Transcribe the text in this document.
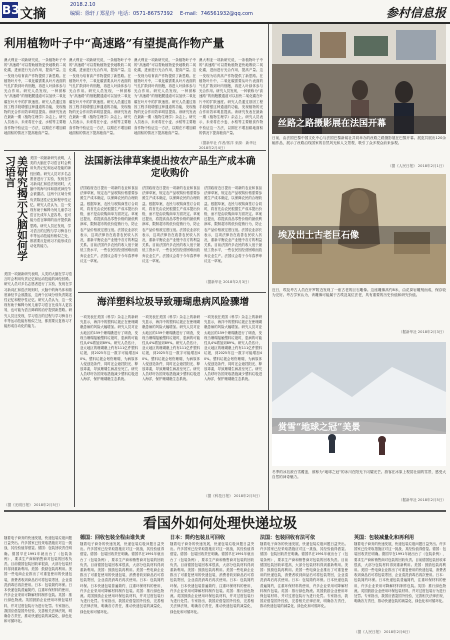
B3 文摘
2018.2.10
编辑：徐轩 / 郑星玲 电话：0571-86757392 E-mail：746561932@qq.com	参村信息报
利用植物叶子中“高速路”有望提高作物产量
澳大利亚一项新研究说，一条植物叶子中的“高速路”可以帮助植物更快地吸收二氧化碳，进而进行光合作用，提高产量。这一发现为培育高产作物提供了新思路。在植物叶片中，二氧化碳需要从叶片表面的气孔扩散到叶肉细胞，再进入叶绿体参与光合作用。研究人员发现，一种被称为“高速路”的细胞膜通道可以加快二氧化碳在叶片中的扩散速度。研究人员通过基因工程手段增强这种通道的功能，发现植物的光合作用效率明显提高。该研究发表在最新一期《植物生理学》杂志上。研究人员表示，未来将在小麦、水稻等主要粮食作物中验证这一方法，以期在不增加耕地面积的情况下提高粮食产量。
澳大利亚一项新研究说，一条植物叶子中的“高速路”可以帮助植物更快地吸收二氧化碳，进而进行光合作用，提高产量。这一发现为培育高产作物提供了新思路。在植物叶片中，二氧化碳需要从叶片表面的气孔扩散到叶肉细胞，再进入叶绿体参与光合作用。研究人员发现，一种被称为“高速路”的细胞膜通道可以加快二氧化碳在叶片中的扩散速度。研究人员通过基因工程手段增强这种通道的功能，发现植物的光合作用效率明显提高。该研究发表在最新一期《植物生理学》杂志上。研究人员表示，未来将在小麦、水稻等主要粮食作物中验证这一方法，以期在不增加耕地面积的情况下提高粮食产量。
澳大利亚一项新研究说，一条植物叶子中的“高速路”可以帮助植物更快地吸收二氧化碳，进而进行光合作用，提高产量。这一发现为培育高产作物提供了新思路。在植物叶片中，二氧化碳需要从叶片表面的气孔扩散到叶肉细胞，再进入叶绿体参与光合作用。研究人员发现，一种被称为“高速路”的细胞膜通道可以加快二氧化碳在叶片中的扩散速度。研究人员通过基因工程手段增强这种通道的功能，发现植物的光合作用效率明显提高。该研究发表在最新一期《植物生理学》杂志上。研究人员表示，未来将在小麦、水稻等主要粮食作物中验证这一方法，以期在不增加耕地面积的情况下提高粮食产量。
澳大利亚一项新研究说，一条植物叶子中的“高速路”可以帮助植物更快地吸收二氧化碳，进而进行光合作用，提高产量。这一发现为培育高产作物提供了新思路。在植物叶片中，二氧化碳需要从叶片表面的气孔扩散到叶肉细胞，再进入叶绿体参与光合作用。研究人员发现，一种被称为“高速路”的细胞膜通道可以加快二氧化碳在叶片中的扩散速度。研究人员通过基因工程手段增强这种通道的功能，发现植物的光合作用效率明显提高。该研究发表在最新一期《植物生理学》杂志上。研究人员表示，未来将在小麦、水稻等主要粮食作物中验证这一方法，以期在不增加耕地面积的情况下提高粮食产量。
（据新华社 作者/郭洋 来源：新华社 2018年2月4日）
美研究揭示大脑如何学习语言	美国一项最新研究表明，人类的大脑在学习语言时会利用负责记忆和运动技能的神经回路。研究人员对多名志愿者进行了实验，发现在学习新词汇和语法规则时，大脑中的海马体和基底神经节会被激活，这两个区域分别负责陈述性记忆和程序性记忆。研究人员认为，这一发现有助于解释为何儿童学习语言比成年人更容易，也可能为语言障碍的治疗提供新思路。研究人员还发现，学习语言的过程与学习骑自行车等运动技能有相似之处，都需要反复练习才能形成自动化的能力。
美国一项最新研究表明，人类的大脑在学习语言时会利用负责记忆和运动技能的神经回路。研究人员对多名志愿者进行了实验，发现在学习新词汇和语法规则时，大脑中的海马体和基底神经节会被激活，这两个区域分别负责陈述性记忆和程序性记忆。研究人员认为，这一发现有助于解释为何儿童学习语言比成年人更容易，也可能为语言障碍的治疗提供新思路。研究人员还发现，学习语言的过程与学习骑自行车等运动技能有相似之处，都需要反复练习才能形成自动化的能力。
（据《光明日报》 2018年2月5日）
法国新法律草案提出按农产品生产成本确定收购价
法国政府近日提出一项新的农业和食品法律草案，规定农产品收购价格需要参照生产成本确定，以保障农民的合理收益。根据草案，农民与收购商签订合同时，将首先由农民根据生产成本提出价格，而不是由收购商单方面决定。草案还提出，将提高食品零售价格的最低利润率，限制超市的低价促销行为，防止农产品价格被过度压低。法国农业部长表示，这项法律旨在改善农民收入状况，重新平衡农业产业链中各方的利益关系。目前法国许多农民的收入低于最低工资水平，一些农民因经营困难而放弃农业生产。法国议会将于今年春季审议这一草案。
法国政府近日提出一项新的农业和食品法律草案，规定农产品收购价格需要参照生产成本确定，以保障农民的合理收益。根据草案，农民与收购商签订合同时，将首先由农民根据生产成本提出价格，而不是由收购商单方面决定。草案还提出，将提高食品零售价格的最低利润率，限制超市的低价促销行为，防止农产品价格被过度压低。法国农业部长表示，这项法律旨在改善农民收入状况，重新平衡农业产业链中各方的利益关系。目前法国许多农民的收入低于最低工资水平，一些农民因经营困难而放弃农业生产。法国议会将于今年春季审议这一草案。
法国政府近日提出一项新的农业和食品法律草案，规定农产品收购价格需要参照生产成本确定，以保障农民的合理收益。根据草案，农民与收购商签订合同时，将首先由农民根据生产成本提出价格，而不是由收购商单方面决定。草案还提出，将提高食品零售价格的最低利润率，限制超市的低价促销行为，防止农产品价格被过度压低。法国农业部长表示，这项法律旨在改善农民收入状况，重新平衡农业产业链中各方的利益关系。目前法国许多农民的收入低于最低工资水平，一些农民因经营困难而放弃农业生产。法国议会将于今年春季审议这一草案。
（据新华社 2018年2月3日）
海洋塑料垃圾导致珊瑚患病风险骤增
一项发表在美国《科学》杂志上的新研究显示，海洋中的塑料垃圾正在使珊瑚礁患病的风险大幅增加。研究人员对亚太地区的159个珊瑚礁进行了调查，发现当珊瑚接触塑料垃圾时，患病的可能性从4%增加到89%。研究人员估计，亚太地区的珊瑚礁上约有111亿件塑料垃圾，到2025年这一数字可能增加40%。塑料垃圾会划伤珊瑚，为病原体入侵创造条件，同时还会遮挡阳光、释放毒素，导致珊瑚生病甚至死亡。研究人员呼吁各国采取措施减少塑料垃圾进入海洋，保护珊瑚礁生态系统。
一项发表在美国《科学》杂志上的新研究显示，海洋中的塑料垃圾正在使珊瑚礁患病的风险大幅增加。研究人员对亚太地区的159个珊瑚礁进行了调查，发现当珊瑚接触塑料垃圾时，患病的可能性从4%增加到89%。研究人员估计，亚太地区的珊瑚礁上约有111亿件塑料垃圾，到2025年这一数字可能增加40%。塑料垃圾会划伤珊瑚，为病原体入侵创造条件，同时还会遮挡阳光、释放毒素，导致珊瑚生病甚至死亡。研究人员呼吁各国采取措施减少塑料垃圾进入海洋，保护珊瑚礁生态系统。
一项发表在美国《科学》杂志上的新研究显示，海洋中的塑料垃圾正在使珊瑚礁患病的风险大幅增加。研究人员对亚太地区的159个珊瑚礁进行了调查，发现当珊瑚接触塑料垃圾时，患病的可能性从4%增加到89%。研究人员估计，亚太地区的珊瑚礁上约有111亿件塑料垃圾，到2025年这一数字可能增加40%。塑料垃圾会划伤珊瑚，为病原体入侵创造条件，同时还会遮挡阳光、释放毒素，导致珊瑚生病甚至死亡。研究人员呼吁各国采取措施减少塑料垃圾进入海洋，保护珊瑚礁生态系统。
（据《科技日报》 2018年2月5日）
丝路之路摄影展在法国开幕
日前，由法国巴黎中国文化中心与法国巴黎新闻社共同举办的丝路之路摄影展在巴黎开幕。展览共展出120余幅作品，展示了丝路沿线国家的自然风光和人文景观，吸引了众多观众前来参观。
（据《人民日报》 2018年2月1日）
埃及出土古老巨石像
近日，埃及考古人员在开罗附近发现了一座古老的巨石雕像。这座雕像高约8米，由花岗岩雕刻而成，保存较为完好。考古学家认为，该雕像可能属于古埃及某位法老，具有重要的历史价值和研究价值。
（据新华社 2018年2月3日）
赏雪“地球之冠”美景
冬季的冰岛被白雪覆盖，被称为“地球之冠”的冰川在阳光下闪耀光芒。游客在冰原上观赏壮丽的雪景，感受大自然的神奇魅力。
（据新华社 2018年2月5日）
看国外如何处理快递垃圾
随着电子商务的快速发展，快递包装垃圾问题日益突出。许多国家已经采取措施应对这一挑战，其经验值得借鉴。德国：包装回收责任明确。德国早在1991年就出台了《包装条例》，要求生产商和销售商对包装的回收负责。目前德国包装回收率很高，大部分包装材料得到重新利用。美国：鼓励包装再利用。美国一些电商企业推出了可重复使用的快递包装，消费者收到商品后可将包装寄回，企业清洗消毒后再次使用。日本：包装简约环保。日本快递包装普遍简约，注重环保材料的使用，许多企业采用可降解材料制作包装。英国：推行绿色物流。英国鼓励企业使用环保包装材料，并对过度包装行为进行处罚。专家指出，我国应借鉴国外经验，完善相关法律法规，明确各方责任，推动快递包装的减量化、绿色化和可循环化。
德国：回收包装全程由谁负责
随着电子商务的快速发展，快递包装垃圾问题日益突出。许多国家已经采取措施应对这一挑战，其经验值得借鉴。德国：包装回收责任明确。德国早在1991年就出台了《包装条例》，要求生产商和销售商对包装的回收负责。目前德国包装回收率很高，大部分包装材料得到重新利用。美国：鼓励包装再利用。美国一些电商企业推出了可重复使用的快递包装，消费者收到商品后可将包装寄回，企业清洗消毒后再次使用。日本：包装简约环保。日本快递包装普遍简约，注重环保材料的使用，许多企业采用可降解材料制作包装。英国：推行绿色物流。英国鼓励企业使用环保包装材料，并对过度包装行为进行处罚。专家指出，我国应借鉴国外经验，完善相关法律法规，明确各方责任，推动快递包装的减量化、绿色化和可循环化。
日本：简约包装且可回收
随着电子商务的快速发展，快递包装垃圾问题日益突出。许多国家已经采取措施应对这一挑战，其经验值得借鉴。德国：包装回收责任明确。德国早在1991年就出台了《包装条例》，要求生产商和销售商对包装的回收负责。目前德国包装回收率很高，大部分包装材料得到重新利用。美国：鼓励包装再利用。美国一些电商企业推出了可重复使用的快递包装，消费者收到商品后可将包装寄回，企业清洗消毒后再次使用。日本：包装简约环保。日本快递包装普遍简约，注重环保材料的使用，许多企业采用可降解材料制作包装。英国：推行绿色物流。英国鼓励企业使用环保包装材料，并对过度包装行为进行处罚。专家指出，我国应借鉴国外经验，完善相关法律法规，明确各方责任，推动快递包装的减量化、绿色化和可循环化。
法国：包装回收有法可依
随着电子商务的快速发展，快递包装垃圾问题日益突出。许多国家已经采取措施应对这一挑战，其经验值得借鉴。德国：包装回收责任明确。德国早在1991年就出台了《包装条例》，要求生产商和销售商对包装的回收负责。目前德国包装回收率很高，大部分包装材料得到重新利用。美国：鼓励包装再利用。美国一些电商企业推出了可重复使用的快递包装，消费者收到商品后可将包装寄回，企业清洗消毒后再次使用。日本：包装简约环保。日本快递包装普遍简约，注重环保材料的使用，许多企业采用可降解材料制作包装。英国：推行绿色物流。英国鼓励企业使用环保包装材料，并对过度包装行为进行处罚。专家指出，我国应借鉴国外经验，完善相关法律法规，明确各方责任，推动快递包装的减量化、绿色化和可循环化。
英国：包装减量化和再利用
随着电子商务的快速发展，快递包装垃圾问题日益突出。许多国家已经采取措施应对这一挑战，其经验值得借鉴。德国：包装回收责任明确。德国早在1991年就出台了《包装条例》，要求生产商和销售商对包装的回收负责。目前德国包装回收率很高，大部分包装材料得到重新利用。美国：鼓励包装再利用。美国一些电商企业推出了可重复使用的快递包装，消费者收到商品后可将包装寄回，企业清洗消毒后再次使用。日本：包装简约环保。日本快递包装普遍简约，注重环保材料的使用，许多企业采用可降解材料制作包装。英国：推行绿色物流。英国鼓励企业使用环保包装材料，并对过度包装行为进行处罚。专家指出，我国应借鉴国外经验，完善相关法律法规，明确各方责任，推动快递包装的减量化、绿色化和可循环化。
（据《人民日报》 2018年2月6日）
